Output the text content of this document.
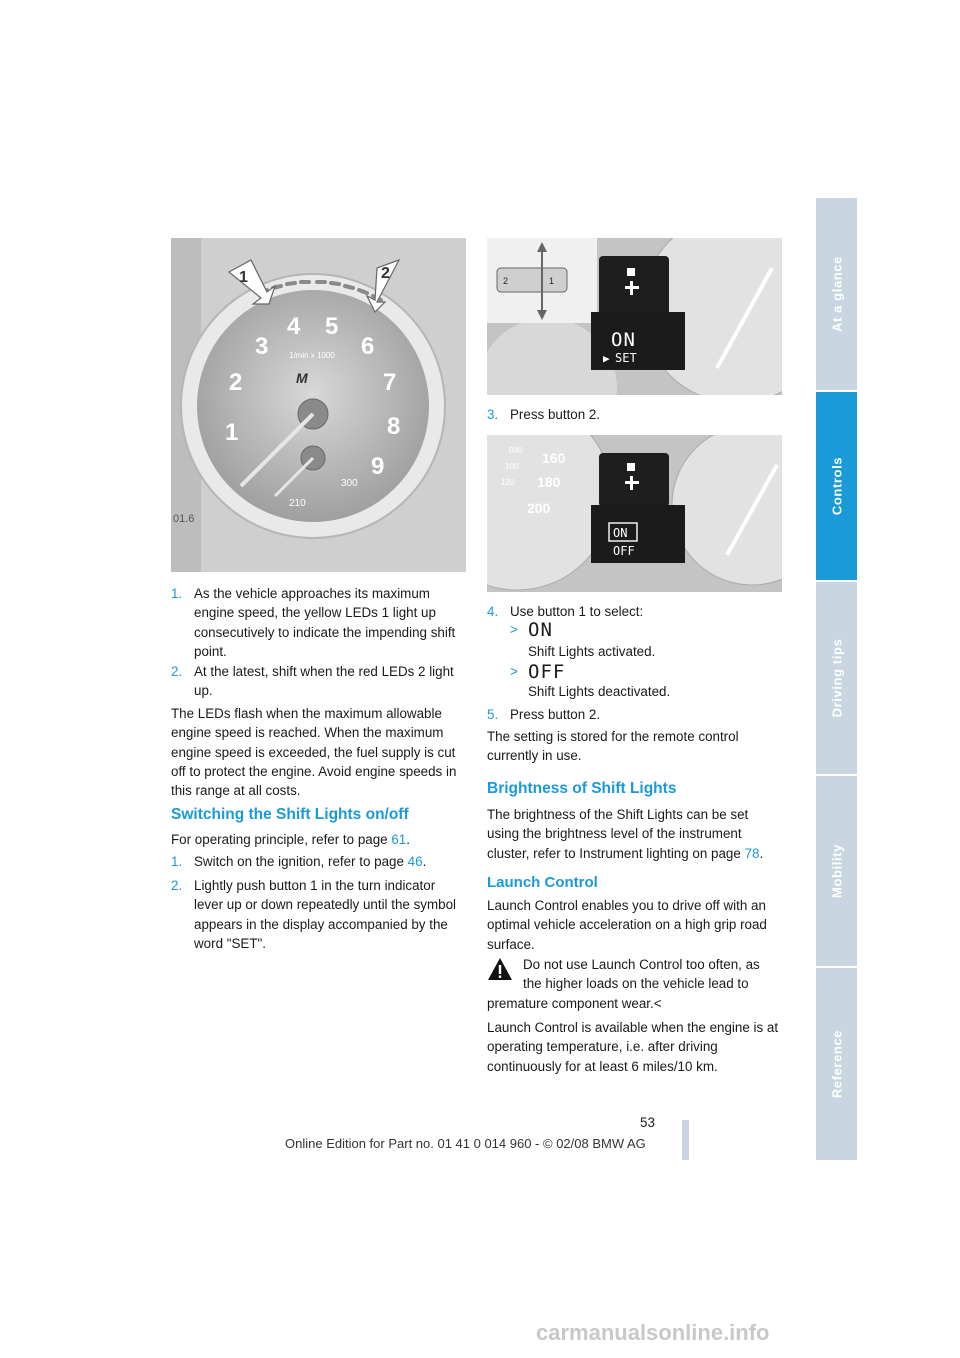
At a glance
Controls
Driving tips
Mobility
Reference
1	2
1
2
3
4 5
6
7
8
9
1/min x 1000
M
210
300
01.6
2	1
ON
▶ SET
160
180
200
080
100
120
ON
OFF
1. As the vehicle approaches its maximum engine speed, the yellow LEDs 1 light up consecutively to indicate the impending shift point.
2. At the latest, shift when the red LEDs 2 light up.
The LEDs flash when the maximum allowable engine speed is reached. When the maximum engine speed is exceeded, the fuel supply is cut off to protect the engine. Avoid engine speeds in this range at all costs.
Switching the Shift Lights on/off
For operating principle, refer to page 61.
1. Switch on the ignition, refer to page 46.
2. Lightly push button 1 in the turn indicator lever up or down repeatedly until the symbol appears in the display accompanied by the word "SET".
3. Press button 2.
4. Use button 1 to select:
> ON
Shift Lights activated.
> OFF
Shift Lights deactivated.
5. Press button 2.
The setting is stored for the remote control currently in use.
Brightness of Shift Lights
The brightness of the Shift Lights can be set using the brightness level of the instrument cluster, refer to Instrument lighting on page 78.
Launch Control
Launch Control enables you to drive off with an optimal vehicle acceleration on a high grip road surface.
Do not use Launch Control too often, as
the higher loads on the vehicle lead to
premature component wear.<
Launch Control is available when the engine is at operating temperature, i.e. after driving continuously for at least 6 miles/10 km.
53
Online Edition for Part no. 01 41 0 014 960 - © 02/08 BMW AG
carmanualsonline.info
